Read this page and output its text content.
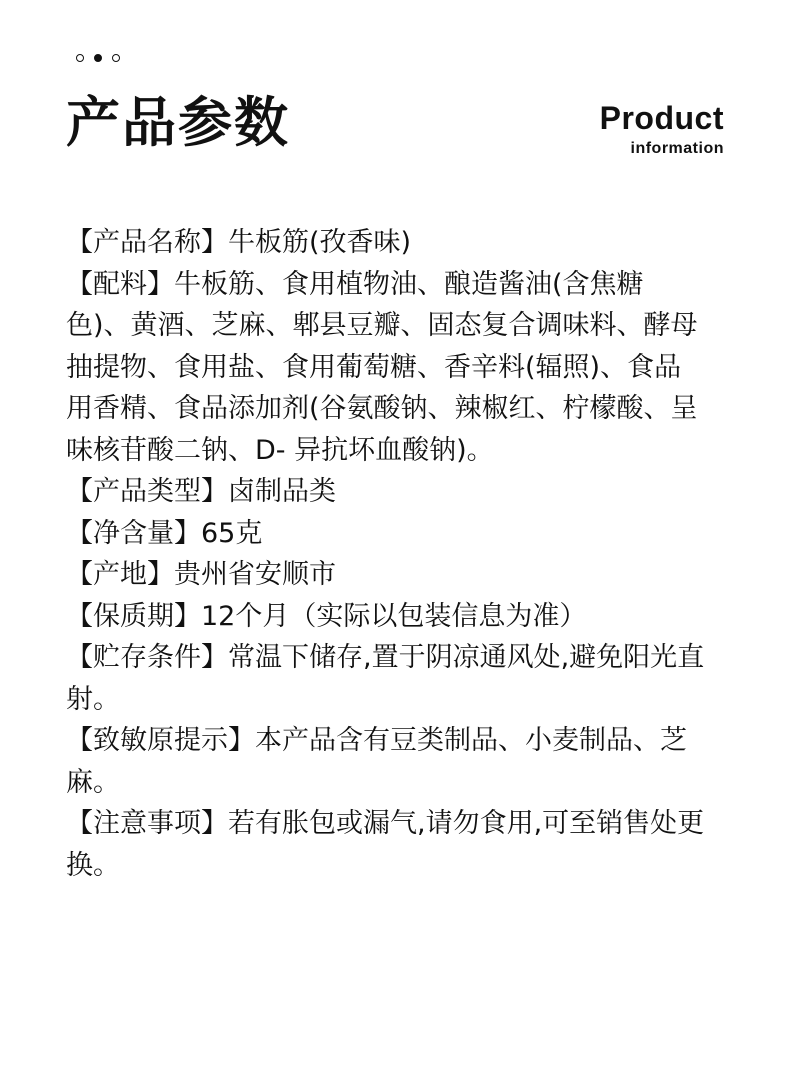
产品参数	Product
information
【 产品名称 】 牛板筋(孜香味)
【 配料 】 牛板筋、食用植物油、酿造酱油(含焦糖色)、黄酒、芝麻、郫县豆瓣、固态复合调味料、酵母抽提物、食用盐、食用葡萄糖、香辛料(辐照)、食品用香精、食品添加剂(谷氨酸钠、辣椒红、柠檬酸、呈味核苷酸二钠、D- 异抗坏血酸钠)。
【 产品类型 】 卤制品类
【 净含量 】 65克
【 产地 】 贵州省安顺市
【 保质期 】 12个月（实际以包装信息为准）
【 贮存条件 】 常温下储存,置于阴凉通风处,避免阳光直射。
【 致敏原提示 】 本产品含有豆类制品、小麦制品、芝麻。
【 注意事项 】 若有胀包或漏气,请勿食用,可至销售处更换。
